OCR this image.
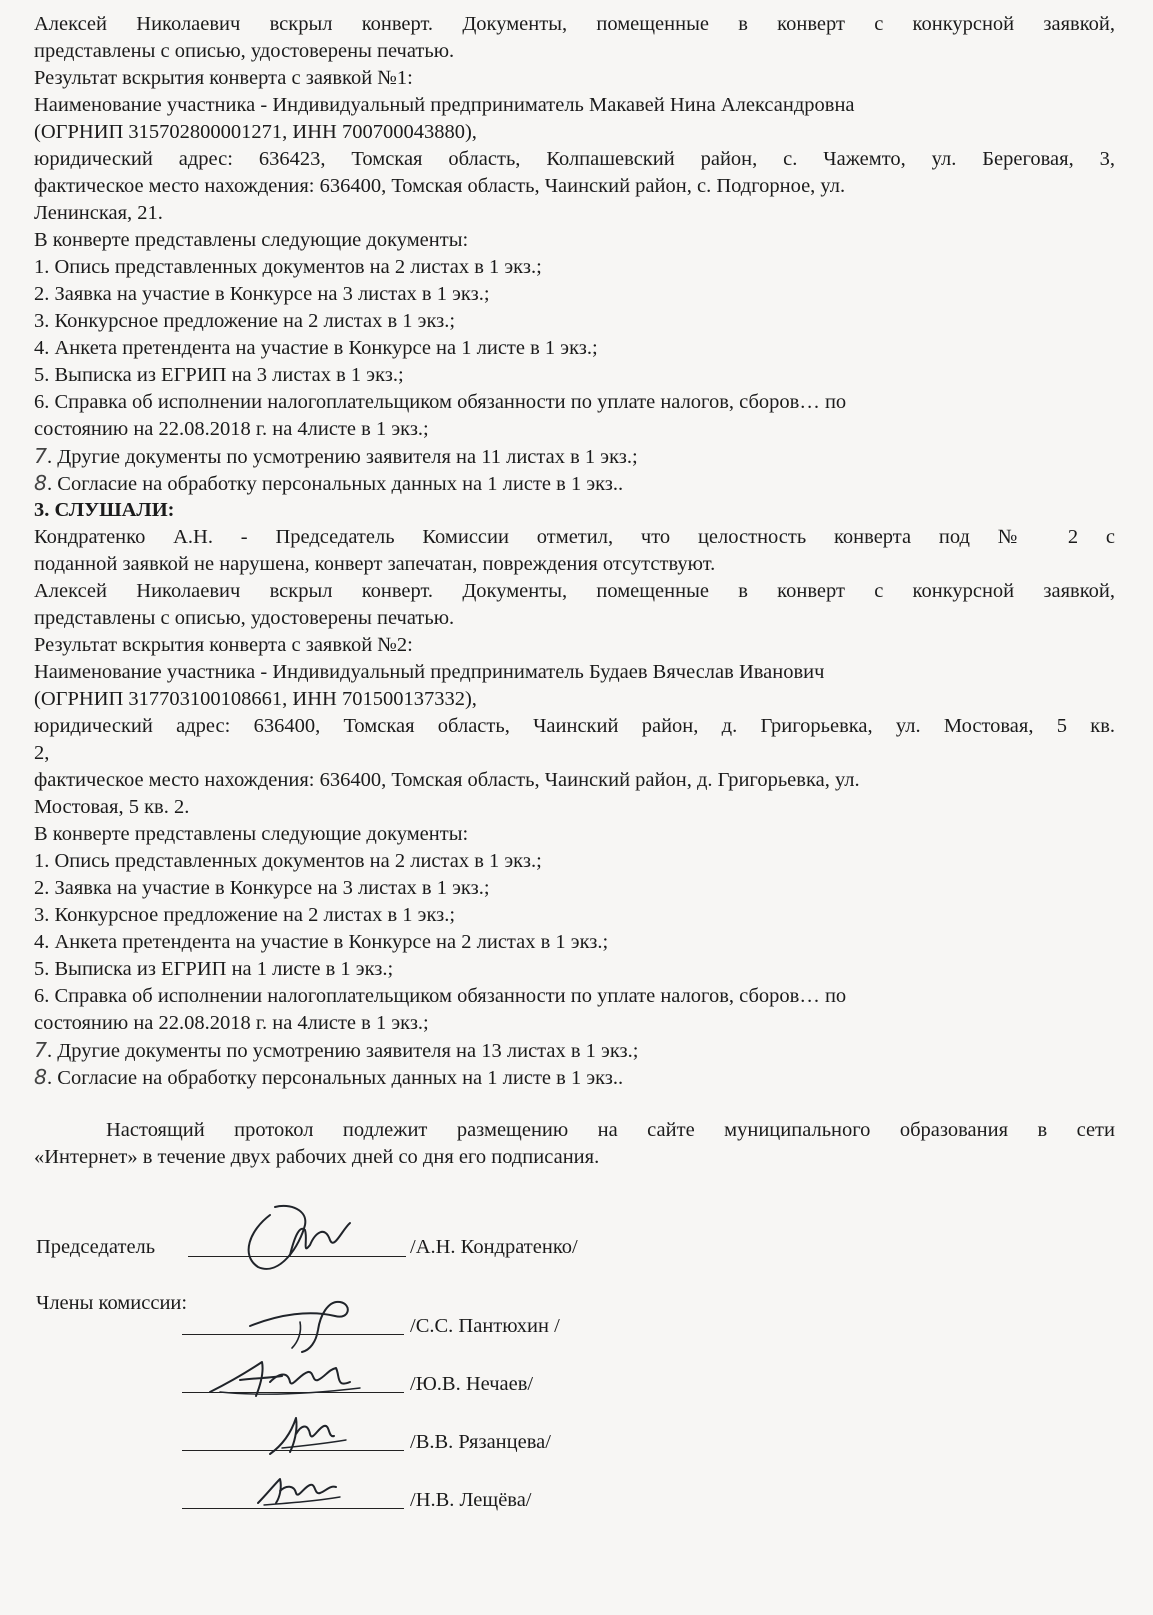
Алексей Николаевич вскрыл конверт. Документы, помещенные в конверт с конкурсной заявкой,
представлены с описью, удостоверены печатью.
Результат вскрытия конверта с заявкой №1:
Наименование участника - Индивидуальный предприниматель Макавей Нина Александровна
(ОГРНИП 315702800001271, ИНН 700700043880),
юридический адрес: 636423, Томская область, Колпашевский район, с. Чажемто, ул. Береговая, 3,
фактическое место нахождения: 636400, Томская область, Чаинский район, с. Подгорное, ул.
Ленинская, 21.
В конверте представлены следующие документы:
1. Опись представленных документов на 2 листах в 1 экз.;
2. Заявка на участие в Конкурсе на 3 листах в 1 экз.;
3. Конкурсное предложение на 2 листах в 1 экз.;
4. Анкета претендента на участие в Конкурсе на 1 листе в 1 экз.;
5. Выписка из ЕГРИП на 3 листах в 1 экз.;
6. Справка об исполнении налогоплательщиком обязанности по уплате налогов, сборов… по
состоянию на 22.08.2018 г. на 4листе в 1 экз.;
7. Другие документы по усмотрению заявителя на 11 листах в 1 экз.;
8. Согласие на обработку персональных данных на 1 листе в 1 экз..
3. СЛУШАЛИ:
Кондратенко А.Н. - Председатель Комиссии отметил, что целостность конверта под № 2 с
поданной заявкой не нарушена, конверт запечатан, повреждения отсутствуют.
Алексей Николаевич вскрыл конверт. Документы, помещенные в конверт с конкурсной заявкой,
представлены с описью, удостоверены печатью.
Результат вскрытия конверта с заявкой №2:
Наименование участника - Индивидуальный предприниматель Будаев Вячеслав Иванович
(ОГРНИП 317703100108661, ИНН 701500137332),
юридический адрес: 636400, Томская область, Чаинский район, д. Григорьевка, ул. Мостовая, 5 кв.
2,
фактическое место нахождения: 636400, Томская область, Чаинский район, д. Григорьевка, ул.
Мостовая, 5 кв. 2.
В конверте представлены следующие документы:
1. Опись представленных документов на 2 листах в 1 экз.;
2. Заявка на участие в Конкурсе на 3 листах в 1 экз.;
3. Конкурсное предложение на 2 листах в 1 экз.;
4. Анкета претендента на участие в Конкурсе на 2 листах в 1 экз.;
5. Выписка из ЕГРИП на 1 листе в 1 экз.;
6. Справка об исполнении налогоплательщиком обязанности по уплате налогов, сборов… по
состоянию на 22.08.2018 г. на 4листе в 1 экз.;
7. Другие документы по усмотрению заявителя на 13 листах в 1 экз.;
8. Согласие на обработку персональных данных на 1 листе в 1 экз..
Настоящий протокол подлежит размещению на сайте муниципального образования в сети
«Интернет» в течение двух рабочих дней со дня его подписания.
Председатель	/А.Н. Кондратенко/
Члены комиссии:
/С.С. Пантюхин /
/Ю.В. Нечаев/
/В.В. Рязанцева/
/Н.В. Лещёва/
